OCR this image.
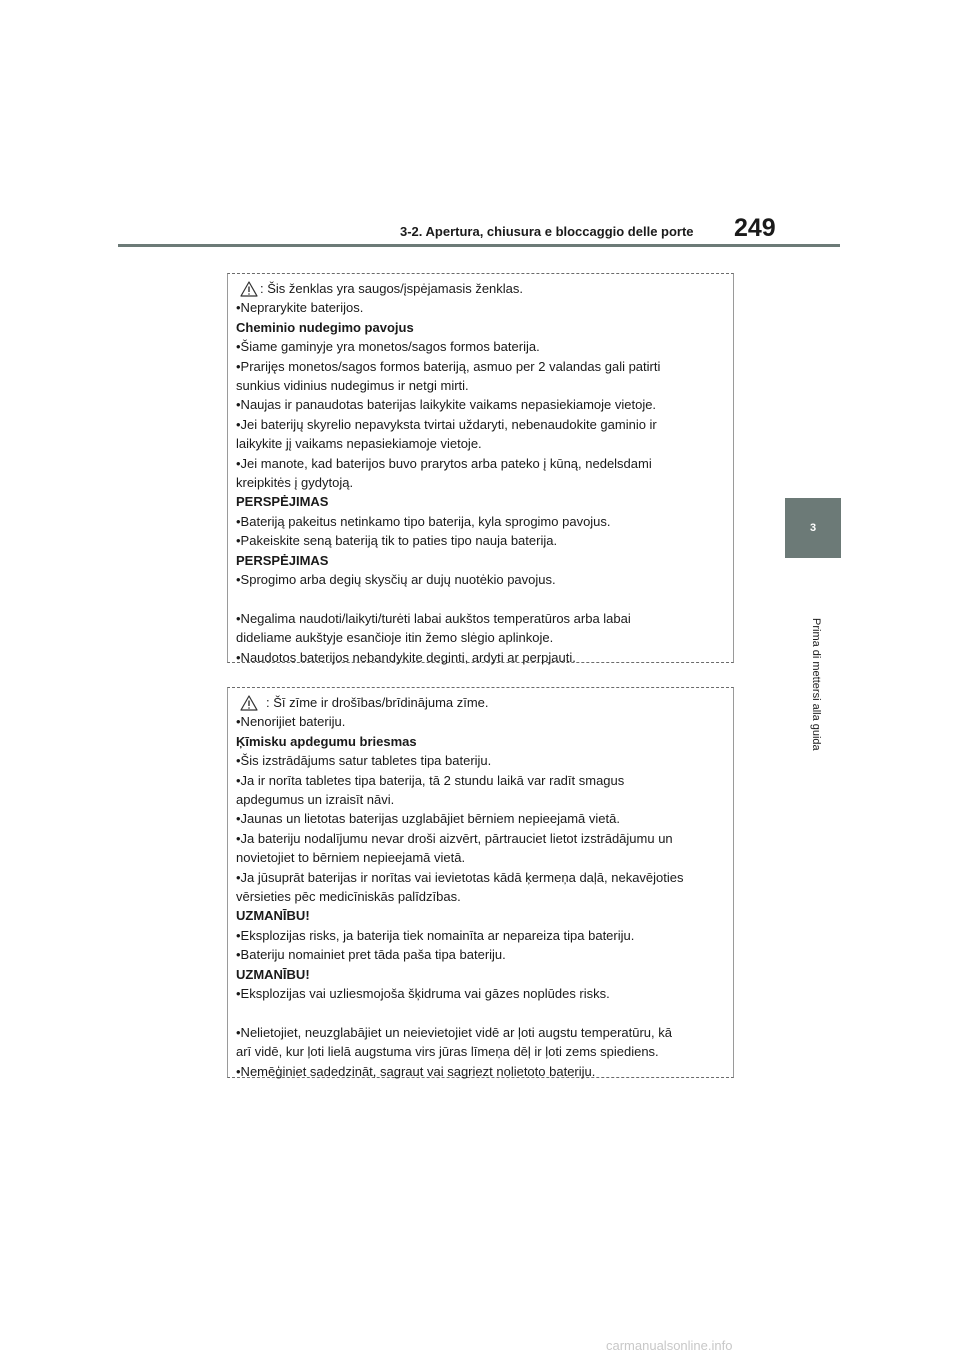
3-2. Apertura, chiusura e bloccaggio delle porte 249
3
Prima di mettersi alla guida
: Šis ženklas yra saugos/įspėjamasis ženklas.
•Neprarykite baterijos.
Cheminio nudegimo pavojus
•Šiame gaminyje yra monetos/sagos formos baterija.
•Prarijęs monetos/sagos formos bateriją, asmuo per 2 valandas gali patirti
sunkius vidinius nudegimus ir netgi mirti.
•Naujas ir panaudotas baterijas laikykite vaikams nepasiekiamoje vietoje.
•Jei baterijų skyrelio nepavyksta tvirtai uždaryti, nebenaudokite gaminio ir
laikykite jį vaikams nepasiekiamoje vietoje.
•Jei manote, kad baterijos buvo prarytos arba pateko į kūną, nedelsdami
kreipkitės į gydytoją.
PERSPĖJIMAS
•Bateriją pakeitus netinkamo tipo baterija, kyla sprogimo pavojus.
•Pakeiskite seną bateriją tik to paties tipo nauja baterija.
PERSPĖJIMAS
•Sprogimo arba degių skysčių ar dujų nuotėkio pavojus.
•Negalima naudoti/laikyti/turėti labai aukštos temperatūros arba labai
dideliame aukštyje esančioje itin žemo slėgio aplinkoje.
•Naudotos baterijos nebandykite deginti, ardyti ar perpjauti.
: Šī zīme ir drošības/brīdinājuma zīme.
•Nenorijiet bateriju.
Ķīmisku apdegumu briesmas
•Šis izstrādājums satur tabletes tipa bateriju.
•Ja ir norīta tabletes tipa baterija, tā 2 stundu laikā var radīt smagus
apdegumus un izraisīt nāvi.
•Jaunas un lietotas baterijas uzglabājiet bērniem nepieejamā vietā.
•Ja bateriju nodalījumu nevar droši aizvērt, pārtrauciet lietot izstrādājumu un
novietojiet to bērniem nepieejamā vietā.
•Ja jūsuprāt baterijas ir norītas vai ievietotas kādā ķermeņa daļā, nekavējoties
vērsieties pēc medicīniskās palīdzības.
UZMANĪBU!
•Eksplozijas risks, ja baterija tiek nomainīta ar nepareiza tipa bateriju.
•Bateriju nomainiet pret tāda paša tipa bateriju.
UZMANĪBU!
•Eksplozijas vai uzliesmojoša šķidruma vai gāzes noplūdes risks.
•Nelietojiet, neuzglabājiet un neievietojiet vidē ar ļoti augstu temperatūru, kā
arī vidē, kur ļoti lielā augstuma virs jūras līmeņa dēļ ir ļoti zems spiediens.
•Nemēģiniet sadedzināt, sagraut vai sagriezt nolietoto bateriju.
carmanualsonline.info
